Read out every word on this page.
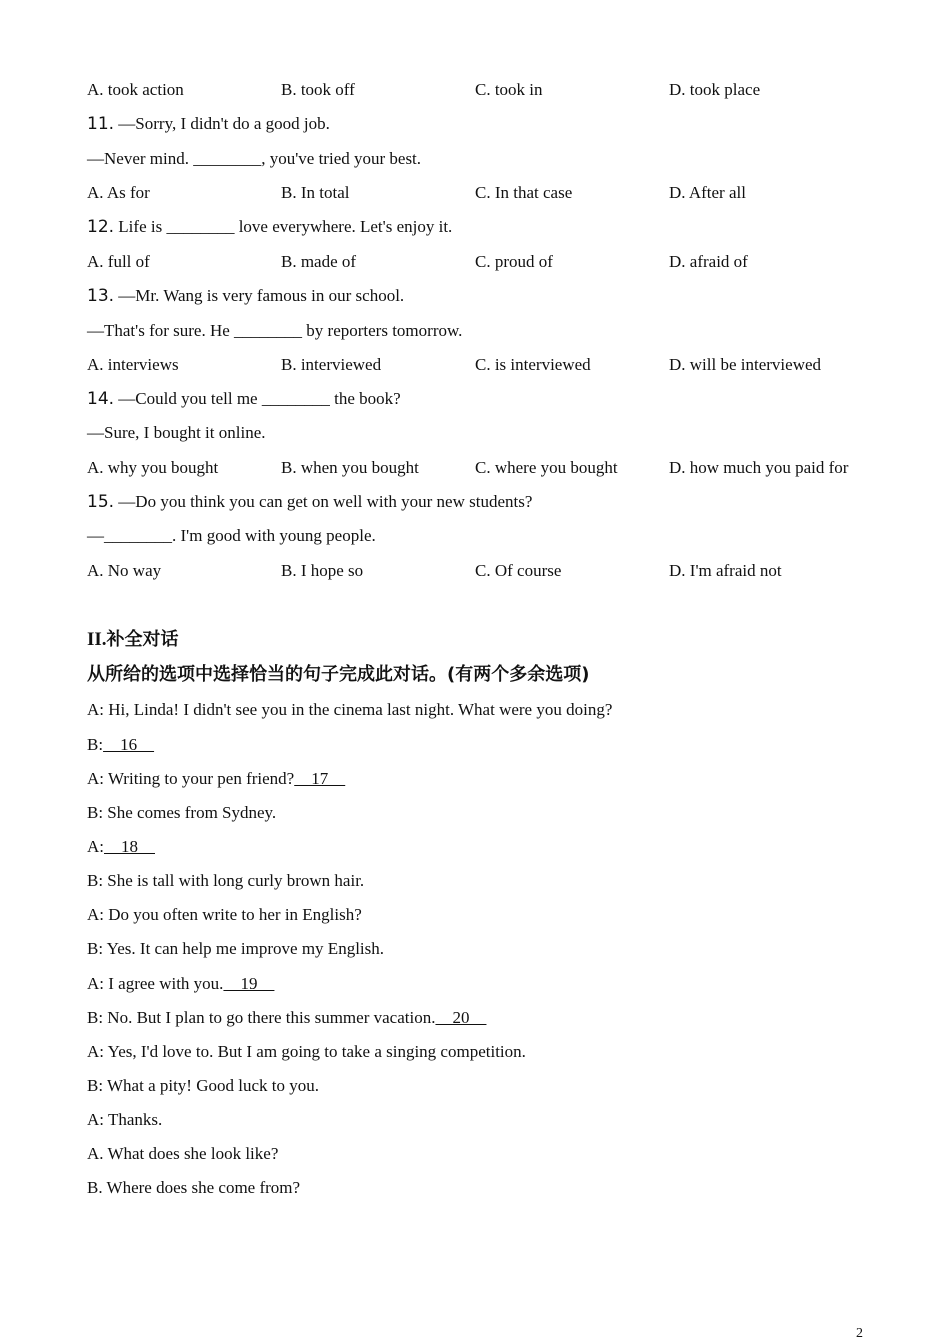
A. took action	B. took off	C. took in	D. took place
11. —Sorry, I didn't do a good job.
—Never mind. ________, you've tried your best.
A. As for	B. In total	C. In that case	D. After all
12. Life is ________ love everywhere. Let's enjoy it.
A. full of	B. made of	C. proud of	D. afraid of
13. —Mr. Wang is very famous in our school.
—That's for sure. He ________ by reporters tomorrow.
A. interviews	B. interviewed	C. is interviewed	D. will be interviewed
14. —Could you tell me ________ the book?
—Sure, I bought it online.
A. why you bought	B. when you bought	C. where you bought	D. how much you paid for
15. —Do you think you can get on well with your new students?
—________. I'm good with young people.
A. No way	B. I hope so	C. Of course	D. I'm afraid not
II.补全对话
从所给的选项中选择恰当的句子完成此对话。(有两个多余选项)
A: Hi, Linda! I didn't see you in the cinema last night. What were you doing?
B:    16
A: Writing to your pen friend?    17
B: She comes from Sydney.
A:    18
B: She is tall with long curly brown hair.
A: Do you often write to her in English?
B: Yes. It can help me improve my English.
A: I agree with you.    19
B: No. But I plan to go there this summer vacation.    20
A: Yes, I'd love to. But I am going to take a singing competition.
B: What a pity! Good luck to you.
A: Thanks.
A. What does she look like?
B. Where does she come from?
2
